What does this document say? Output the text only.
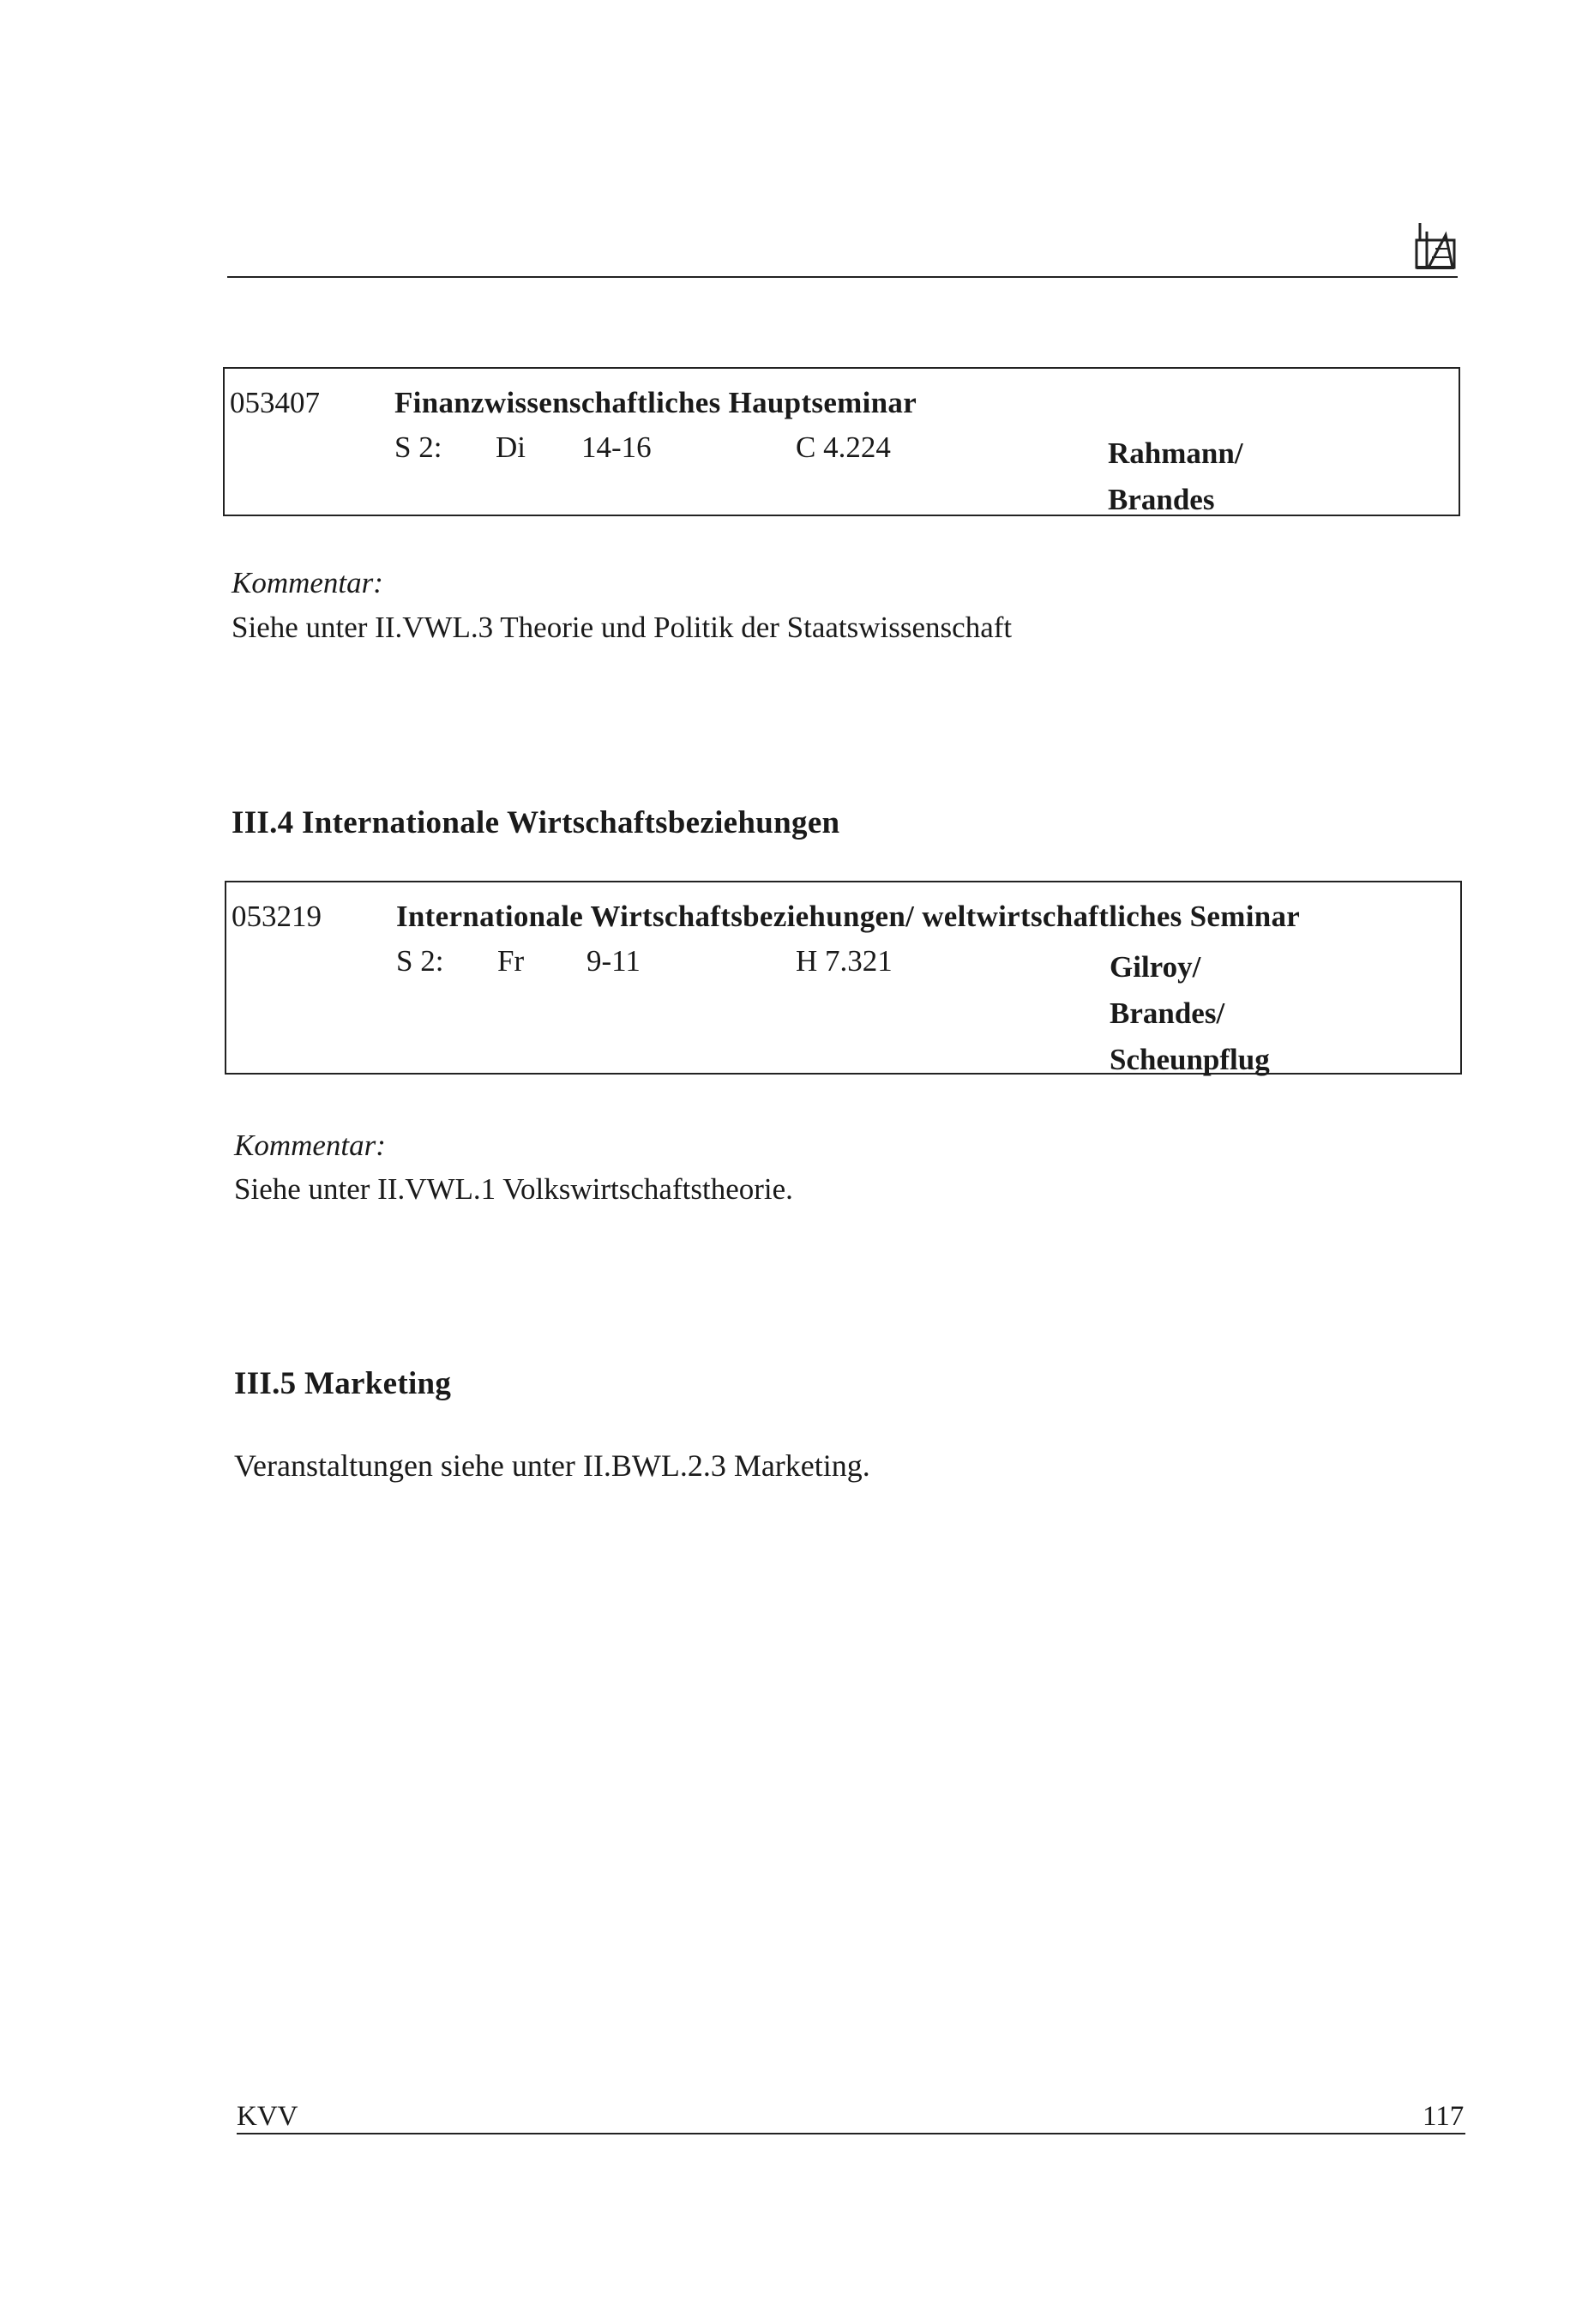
053407 Finanzwissenschaftliches Hauptseminar
S 2: Di 14-16	C 4.224	Rahmann/
Brandes
Kommentar:
Siehe unter II.VWL.3 Theorie und Politik der Staatswissenschaft
III.4 Internationale Wirtschaftsbeziehungen
053219 Internationale Wirtschaftsbeziehungen/ weltwirtschaftliches Seminar
S 2: Fr 9-11	H 7.321	Gilroy/
Brandes/
Scheunpflug
Kommentar:
Siehe unter II.VWL.1 Volkswirtschaftstheorie.
III.5 Marketing
Veranstaltungen siehe unter II.BWL.2.3 Marketing.
KVV	117
